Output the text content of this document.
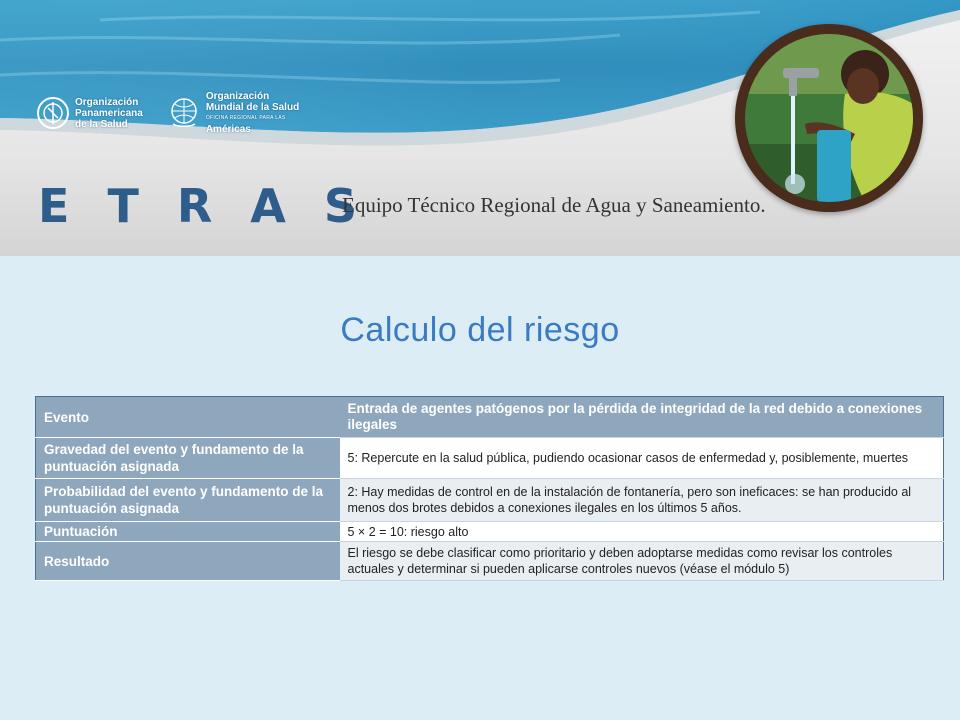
Organización
Panamericana
de la Salud
Organización
Mundial de la Salud
OFICINA REGIONAL PARA LAS
Américas
E T R A S
Equipo Técnico Regional de Agua y Saneamiento.
Calculo del riesgo
Evento	Entrada de agentes patógenos por la pérdida de integridad de la red debido a conexiones ilegales
Gravedad del evento y fundamento de la puntuación asignada	5: Repercute en la salud pública, pudiendo ocasionar casos de enfermedad y, posiblemente, muertes
Probabilidad del evento y fundamento de la puntuación asignada	2: Hay medidas de control en de la instalación de fontanería, pero son ineficaces: se han producido al menos dos brotes debidos a conexiones ilegales en los últimos 5 años.
Puntuación	5 × 2 = 10: riesgo alto
Resultado	El riesgo se debe clasificar como prioritario y deben adoptarse medidas como revisar los controles actuales y determinar si pueden aplicarse controles nuevos (véase el módulo 5)
